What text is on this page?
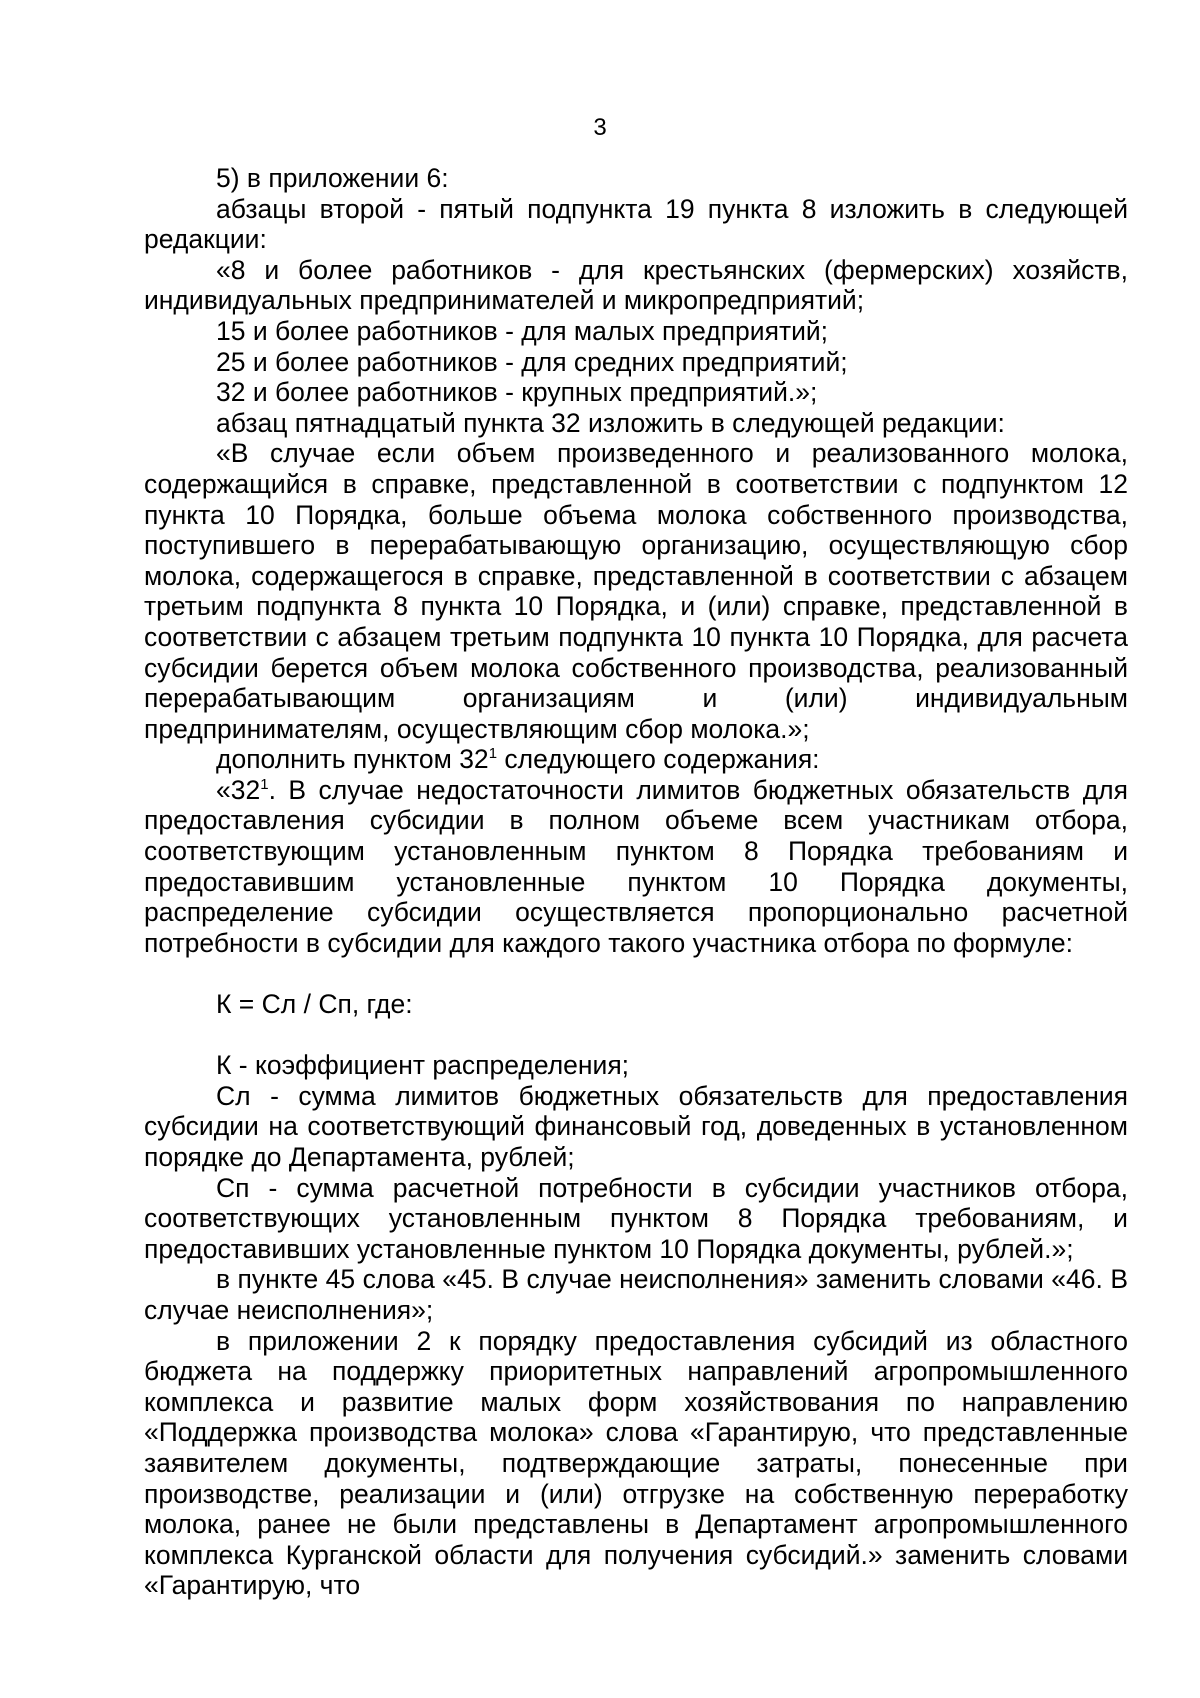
3

5) в приложении 6:

абзацы второй - пятый подпункта 19 пункта 8 изложить в следующей редакции:

«8 и более работников - для крестьянских (фермерских) хозяйств, индивидуальных предпринимателей и микропредприятий;

15 и более работников - для малых предприятий;

25 и более работников - для средних предприятий;

32 и более работников - крупных предприятий.»;

абзац пятнадцатый пункта 32 изложить в следующей редакции:

«В случае если объем произведенного и реализованного молока, содержащийся в справке, представленной в соответствии с подпунктом 12 пункта 10 Порядка, больше объема молока собственного производства, поступившего в перерабатывающую организацию, осуществляющую сбор молока, содержащегося в справке, представленной в соответствии с абзацем третьим подпункта 8 пункта 10 Порядка, и (или) справке, представленной в соответствии с абзацем третьим подпункта 10 пункта 10 Порядка, для расчета субсидии берется объем молока собственного производства, реализованный перерабатывающим организациям и (или) индивидуальным предпринимателям, осуществляющим сбор молока.»;

дополнить пунктом $32^1$ следующего содержания:

«$32^1$. В случае недостаточности лимитов бюджетных обязательств для предоставления субсидии в полном объеме всем участникам отбора, соответствующим установленным пунктом 8 Порядка требованиям и предоставившим установленные пунктом 10 Порядка документы, распределение субсидии осуществляется пропорционально расчетной потребности в субсидии для каждого такого участника отбора по формуле:

К = Сл / Сп, где:

К - коэффициент распределения;

Сл - сумма лимитов бюджетных обязательств для предоставления субсидии на соответствующий финансовый год, доведенных в установленном порядке до Департамента, рублей;

Сп - сумма расчетной потребности в субсидии участников отбора, соответствующих установленным пунктом 8 Порядка требованиям, и предоставивших установленные пунктом 10 Порядка документы, рублей.»;

в пункте 45 слова «45. В случае неисполнения» заменить словами «46. В случае неисполнения»;

в приложении 2 к порядку предоставления субсидий из областного бюджета на поддержку приоритетных направлений агропромышленного комплекса и развитие малых форм хозяйствования по направлению «Поддержка производства молока» слова «Гарантирую, что представленные заявителем документы, подтверждающие затраты, понесенные при производстве, реализации и (или) отгрузке на собственную переработку молока, ранее не были представлены в Департамент агропромышленного комплекса Курганской области для получения субсидий.» заменить словами «Гарантирую, что
